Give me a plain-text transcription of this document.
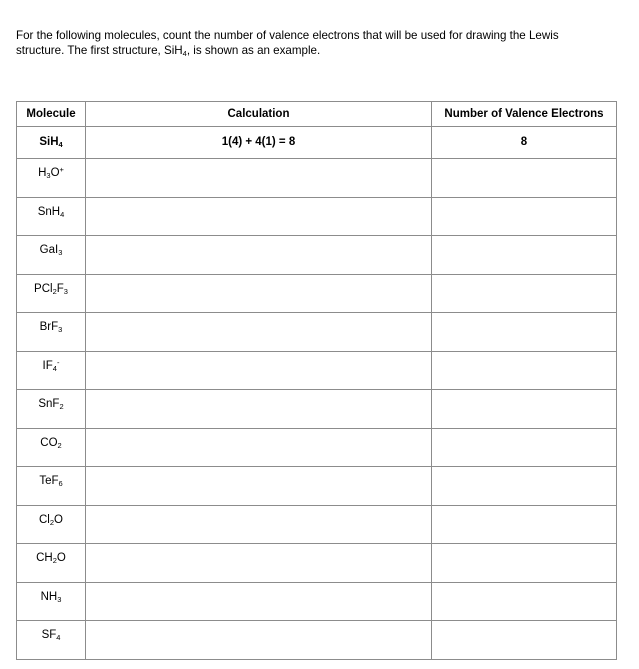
For the following molecules, count the number of valence electrons that will be used for drawing the Lewis
structure. The first structure, SiH$_4$, is shown as an example.

Molecule	Calculation	Number of Valence Electrons
SiH$_4$	1(4) + 4(1) = 8	8
$H_3O^+$		
SnH$_4$		
GaI$_3$		
$PCl_2F_3$		
BrF$_3$		
$IF_4^-$		
SnF$_2$		
$CO_2$		
TeF$_6$		
$Cl_2O$		
$CH_2O$		
$NH_3$		
$SF_4$		
